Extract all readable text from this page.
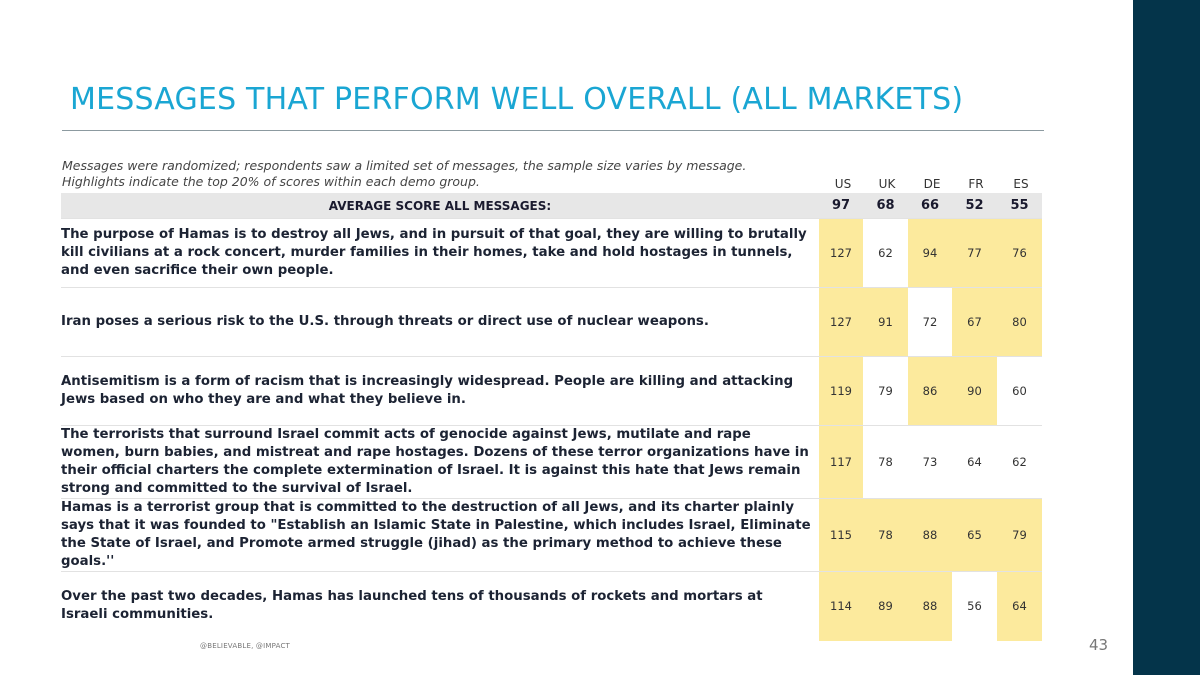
MESSAGES THAT PERFORM WELL OVERALL (ALL MARKETS)
Messages were randomized; respondents saw a limited set of messages, the sample size varies by message.
Highlights indicate the top 20% of scores within each demo group.	US	UK	DE	FR	ES
AVERAGE SCORE ALL MESSAGES:	97	68	66	52	55
The purpose of Hamas is to destroy all Jews, and in pursuit of that goal, they are willing to brutally kill civilians at a rock concert, murder families in their homes, take and hold hostages in tunnels, and even sacrifice their own people.	127	62	94	77	76
Iran poses a serious risk to the U.S. through threats or direct use of nuclear weapons.	127	91	72	67	80
Antisemitism is a form of racism that is increasingly widespread. People are killing and attacking Jews based on who they are and what they believe in.	119	79	86	90	60
The terrorists that surround Israel commit acts of genocide against Jews, mutilate and rape women, burn babies, and mistreat and rape hostages. Dozens of these terror organizations have in their official charters the complete extermination of Israel. It is against this hate that Jews remain strong and committed to the survival of Israel.	117	78	73	64	62
Hamas is a terrorist group that is committed to the destruction of all Jews, and its charter plainly says that it was founded to "Establish an Islamic State in Palestine, which includes Israel, Eliminate the State of Israel, and Promote armed struggle (jihad) as the primary method to achieve these goals.''	115	78	88	65	79
Over the past two decades, Hamas has launched tens of thousands of rockets and mortars at Israeli communities.	114	89	88	56	64
@BELIEVABLE, @IMPACT	43
